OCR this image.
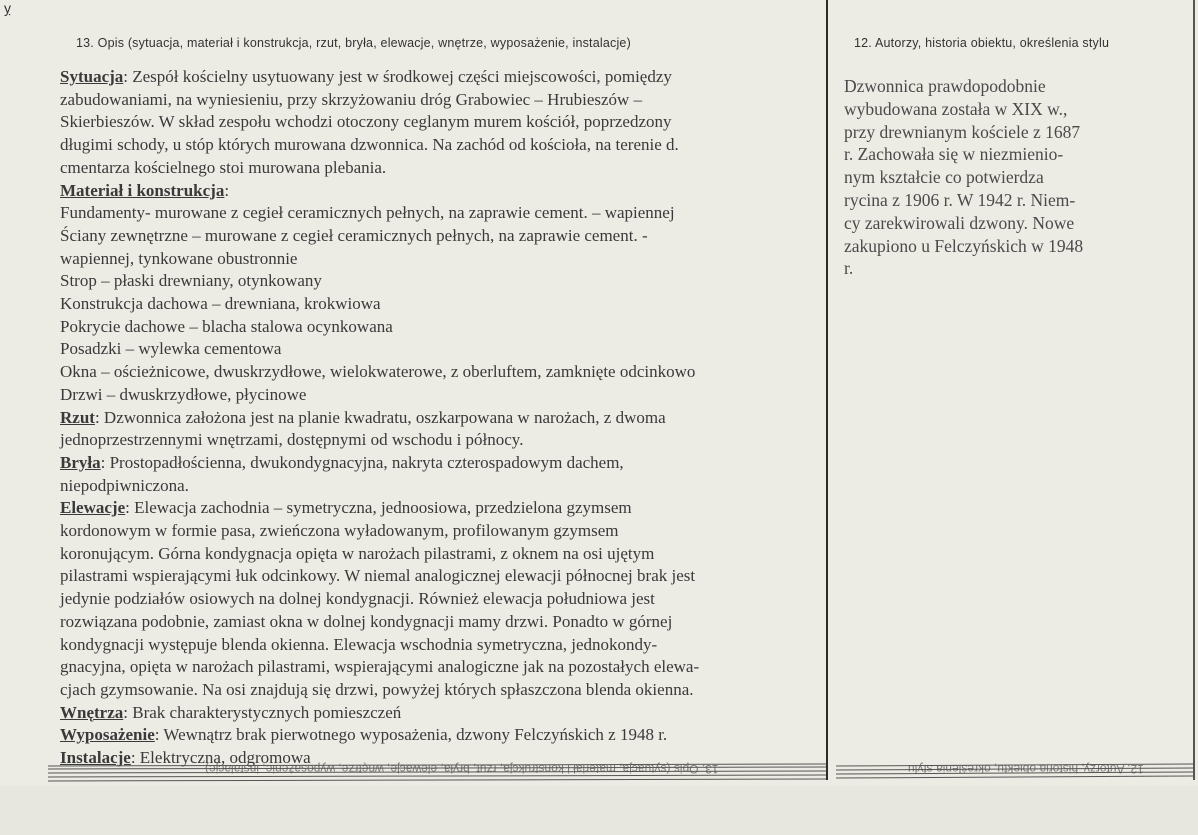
ỵ
13. Opis (sytuacja, materiał i konstrukcja, rzut, bryła, elewacje, wnętrze, wyposażenie, instalacje)
Sytuacja: Zespół kościelny usytuowany jest w środkowej części miejscowości, pomiędzy
zabudowaniami, na wyniesieniu, przy skrzyżowaniu dróg Grabowiec – Hrubieszów –
Skierbieszów. W skład zespołu wchodzi otoczony ceglanym murem kościół, poprzedzony
długimi schody, u stóp których murowana dzwonnica. Na zachód od kościoła, na terenie d.
cmentarza kościelnego stoi murowana plebania.
Materiał i konstrukcja:
Fundamenty- murowane z cegieł ceramicznych pełnych, na zaprawie cement. – wapiennej
Ściany zewnętrzne – murowane z cegieł ceramicznych pełnych, na zaprawie cement. -
wapiennej, tynkowane obustronnie
Strop – płaski drewniany, otynkowany
Konstrukcja dachowa – drewniana, krokwiowa
Pokrycie dachowe – blacha stalowa ocynkowana
Posadzki – wylewka cementowa
Okna – ościeżnicowe, dwuskrzydłowe, wielokwaterowe, z oberluftem, zamknięte odcinkowo
Drzwi – dwuskrzydłowe, płycinowe
Rzut: Dzwonnica założona jest na planie kwadratu, oszkarpowana w narożach, z dwoma
jednoprzestrzennymi wnętrzami, dostępnymi od wschodu i północy.
Bryła: Prostopadłościenna, dwukondygnacyjna, nakryta czterospadowym dachem,
niepodpiwniczona.
Elewacje: Elewacja zachodnia – symetryczna, jednoosiowa, przedzielona gzymsem
kordonowym w formie pasa, zwieńczona wyładowanym, profilowanym gzymsem
koronującym. Górna kondygnacja opięta w narożach pilastrami, z oknem na osi ujętym
pilastrami wspierającymi łuk odcinkowy. W niemal analogicznej elewacji północnej brak jest
jedynie podziałów osiowych na dolnej kondygnacji. Również elewacja południowa jest
rozwiązana podobnie, zamiast okna w dolnej kondygnacji mamy drzwi. Ponadto w górnej
kondygnacji występuje blenda okienna. Elewacja wschodnia symetryczna, jednokondy-
gnacyjna, opięta w narożach pilastrami, wspierającymi analogiczne jak na pozostałych elewa-
cjach gzymsowanie. Na osi znajdują się drzwi, powyżej których spłaszczona blenda okienna.
Wnętrza: Brak charakterystycznych pomieszczeń
Wyposażenie: Wewnątrz brak pierwotnego wyposażenia, dzwony Felczyńskich z 1948 r.
Instalacje: Elektryczna, odgromowa
12. Autorzy, historia obiektu, określenia stylu
Dzwonnica prawdopodobnie
wybudowana została w XIX w.,
przy drewnianym kościele z 1687
r. Zachowała się w niezmienio-
nym kształcie co potwierdza
rycina z 1906 r. W 1942 r. Niem-
cy zarekwirowali dzwony. Nowe
zakupiono u Felczyńskich w 1948
r.
13. Opis (sytuacja, materiał i konstrukcja, rzut, bryła, elewacje, wnętrze, wyposażenie, instalacje)	12. Autorzy, historia obiektu, określenia stylu
